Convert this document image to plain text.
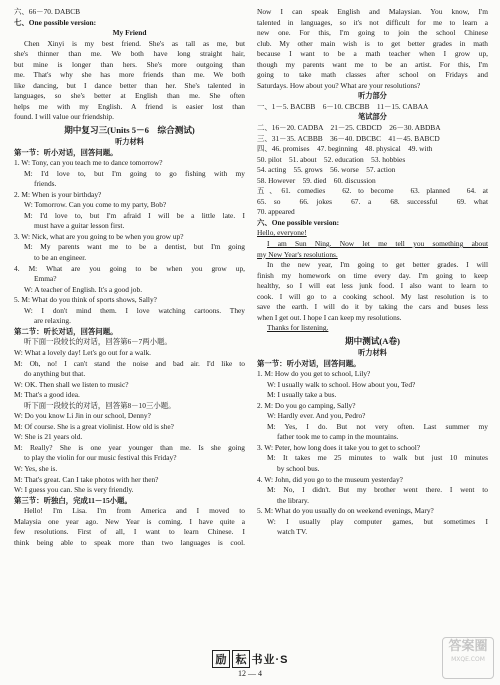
六、66－70. DABCB
七、One possible version:
My Friend
Chen Xinyi is my best friend. She's as tall as me, but
she's thinner than me. We both have long straight hair,
but mine is longer than hers. She's more outgoing than
me. That's why she has more friends than me. We both
like dancing, but I dance better than her. She's talented in
languages, so she's better at English than me. She often
helps me with my English. A friend is easier lost than
found. I will value our friendship.
期中复习三(Units 5－6　综合测试)
听力材料
第一节：听小对话，回答问题。
1. W: Tony, can you teach me to dance tomorrow?
M: I'd love to, but I'm going to go fishing with my
friends.
2. M: When is your birthday?
W: Tomorrow. Can you come to my party, Bob?
M: I'd love to, but I'm afraid I will be a little late. I
must have a guitar lesson first.
3. W: Nick, what are you going to be when you grow up?
M: My parents want me to be a dentist, but I'm going
to be an engineer.
4. M: What are you going to be when you grow up,
Emma?
W: A teacher of English. It's a good job.
5. M: What do you think of sports shows, Sally?
W: I don't mind them. I love watching cartoons. They
are relaxing.
第二节：听长对话，回答问题。
听下面一段较长的对话，回答第6－7两小题。
W: What a lovely day! Let's go out for a walk.
M: Oh, no! I can't stand the noise and bad air. I'd like to
do anything but that.
W: OK. Then shall we listen to music?
M: That's a good idea.
听下面一段较长的对话，回答第8－10三小题。
W: Do you know Li Jin in our school, Denny?
M: Of course. She is a great violinist. How old is she?
W: She is 21 years old.
M: Really? She is one year younger than me. Is she going
to play the violin for our music festival this Friday?
W: Yes, she is.
M: That's great. Can I take photos with her then?
W: I guess you can. She is very friendly.
第三节：听独白，完成11－15小题。
Hello! I'm Lisa. I'm from America and I moved to
Malaysia one year ago. New Year is coming. I have quite a
few resolutions. First of all, I want to learn Chinese. I
think being able to speak more than two languages is cool.
Now I can speak English and Malaysian. You know, I'm
talented in languages, so it's not difficult for me to learn a
new one. For this, I'm going to join the school Chinese
club. My other main wish is to get better grades in math
because I want to be a math teacher when I grow up,
though my parents want me to be an artist. For this, I'm
going to take math classes after school on Fridays and
Saturdays. How about you? What are your resolutions?
听力部分
一、1－5. BACBB　6－10. CBCBB　11－15. CABAA
笔试部分
二、16－20. CADBA　21－25. CBDCD　26－30. ABDBA
三、31－35. ACBBB　36－40. DBCBC　41－45. BABCD
四、46. promises　47. beginning　48. physical　49. with
50. pilot　51. about　52. education　53. hobbies
54. acting　55. grows　56. worse　57. action
58. However　59. died　60. discussion
五、61. comedies　62. to become　63. planned　64. at
65. so　66. jokes　67. a　68. successful　69. what
70. appeared
六、One possible version:
Hello, everyone!
I am Sun Ning. Now let me tell you something about
my New Year's resolutions.
In the new year, I'm going to get better grades. I will
finish my homework on time every day. I'm going to keep
healthy, so I will eat less junk food. I also want to learn to
cook. I will go to a cooking school. My last resolution is to
save the earth. I will do it by taking the cars and buses less
when I get out. I hope I can keep my resolutions.
Thanks for listening.
期中测试(A卷)
听力材料
第一节：听小对话，回答问题。
1. M: How do you get to school, Lily?
W: I usually walk to school. How about you, Ted?
M: I usually take a bus.
2. M: Do you go camping, Sally?
W: Hardly ever. And you, Pedro?
M: Yes, I do. But not very often. Last summer my
father took me to camp in the mountains.
3. W: Peter, how long does it take you to get to school?
M: It takes me 25 minutes to walk but just 10 minutes
by school bus.
4. W: John, did you go to the museum yesterday?
M: No, I didn't. But my brother went there. I went to
the library.
5. M: What do you usually do on weekend evenings, Mary?
W: I usually play computer games, but sometimes I
watch TV.
励 耘 书业·S
12 — 4
答案圈
MXQE.COM
